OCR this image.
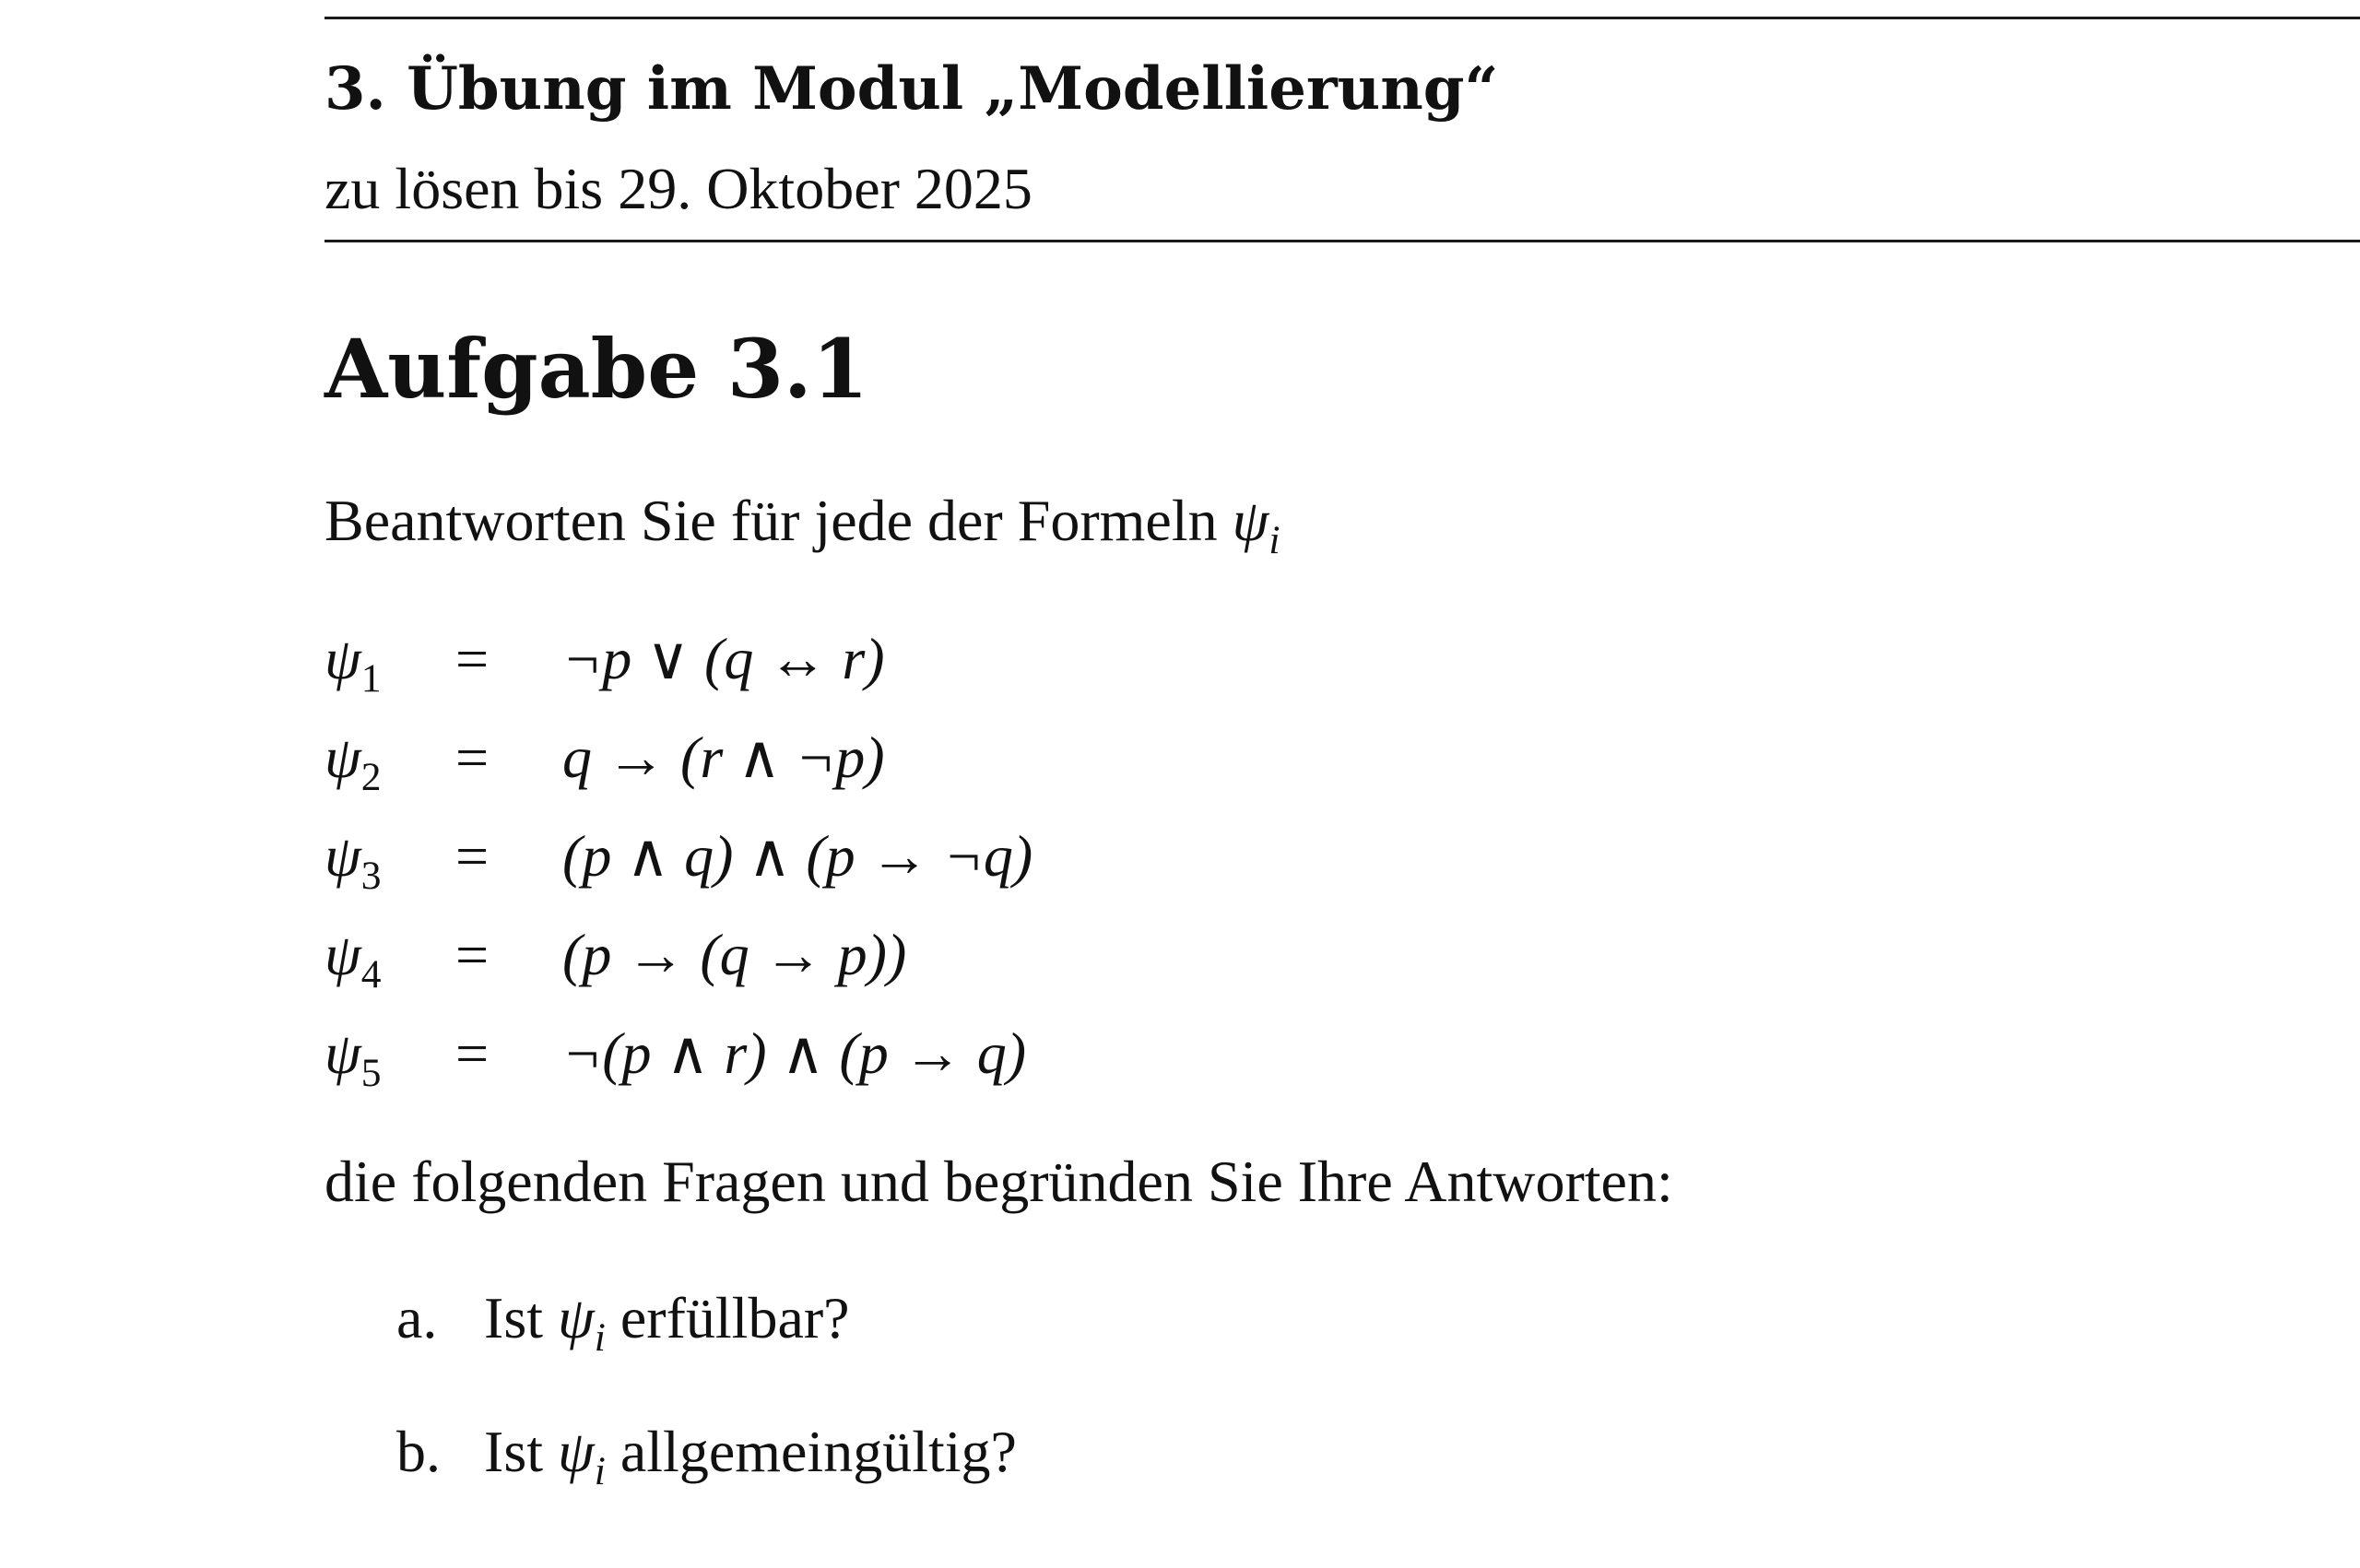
3. Übung im Modul „Modellierung“
zu lösen bis 29. Oktober 2025
Aufgabe 3.1
Beantworten Sie für jede der Formeln $\psi_i$
$\psi_1$ = ¬p ∨ (q ↔ r)
$\psi_2 = q \to (r$ ∧ ¬p)
$\psi_3 = (p$ ∧ q) ∧ (p → ¬q)
$\psi_4 = (p \to (q \to p))$
$\psi_5$ = ¬(p ∧ r) ∧ (p → q)
die folgenden Fragen und begründen Sie Ihre Antworten:
a. Ist $\psi_i$ erfüllbar?
b. Ist $\psi_i$ allgemeingültig?
